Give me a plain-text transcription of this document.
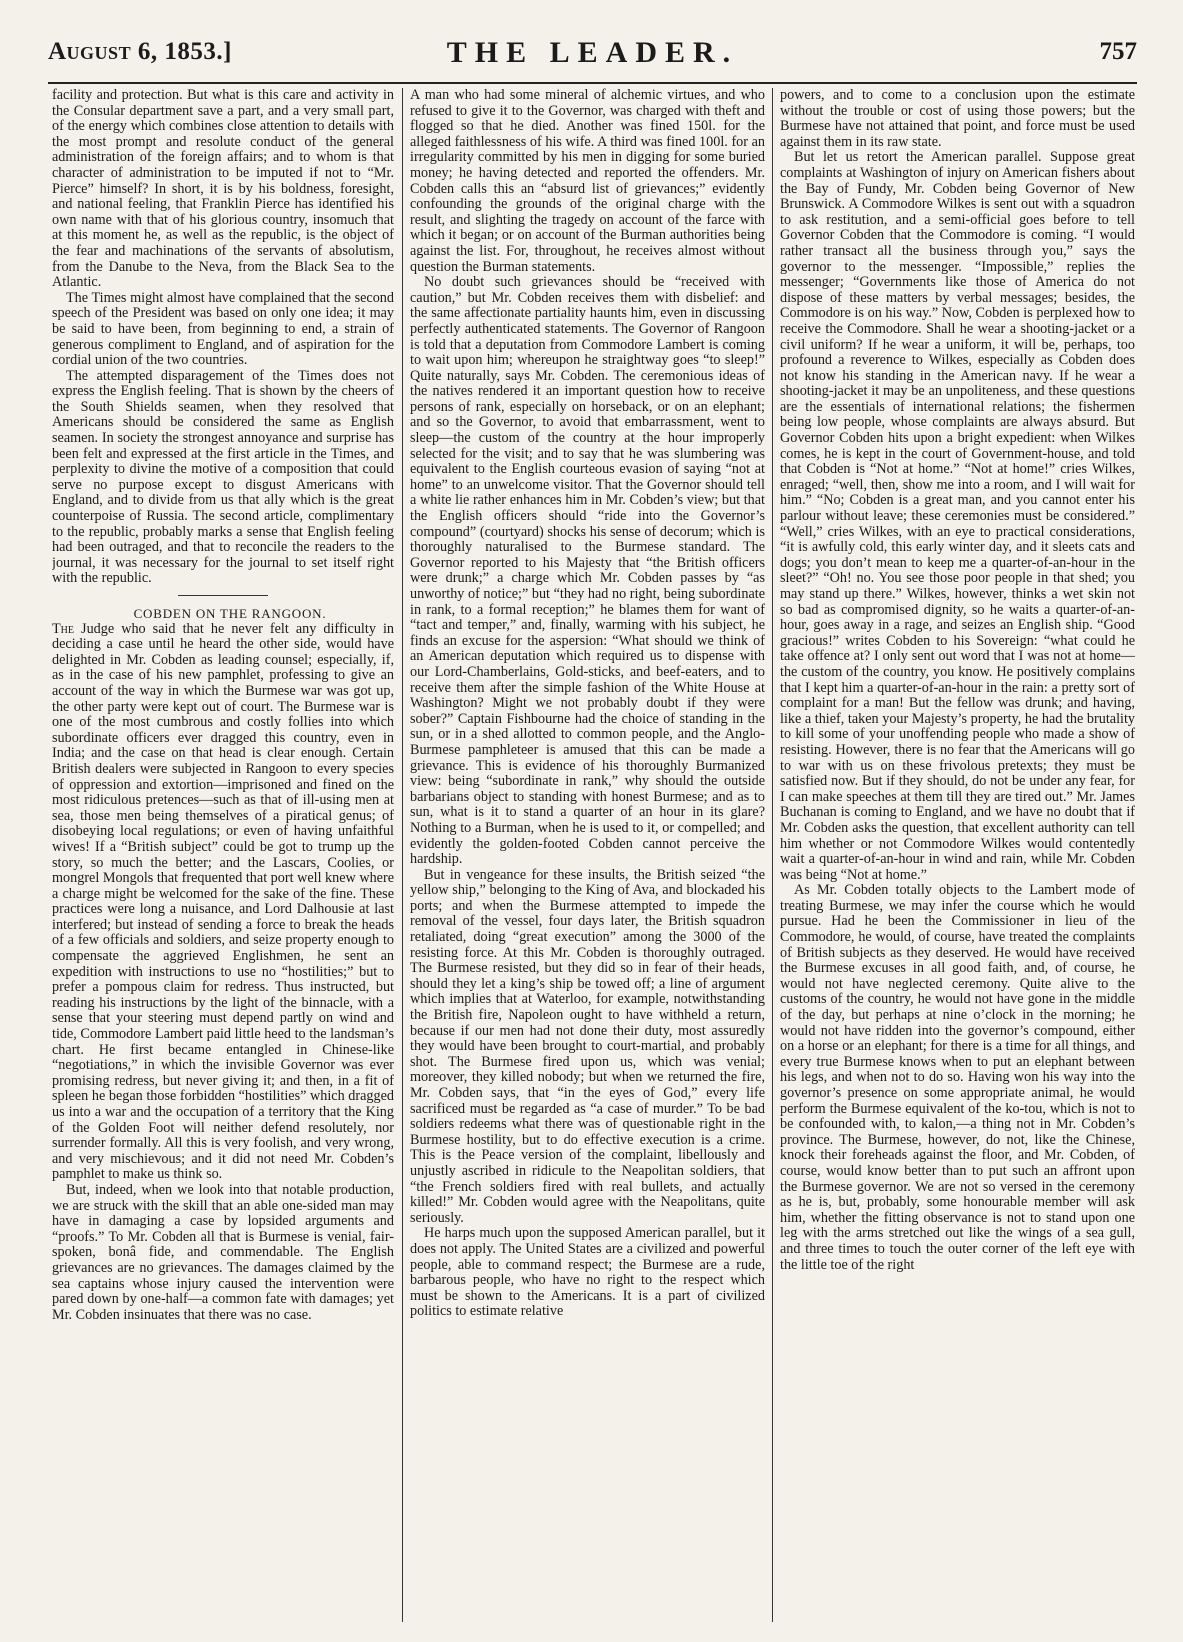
August 6, 1853.]	THE LEADER.	757

facility and protection. But what is this care and activity in the Consular department save a part, and a very small part, of the energy which combines close attention to details with the most prompt and resolute conduct of the general administration of the foreign affairs; and to whom is that character of administration to be imputed if not to “Mr. Pierce” himself? In short, it is by his boldness, foresight, and national feeling, that Franklin Pierce has identified his own name with that of his glorious country, insomuch that at this moment he, as well as the republic, is the object of the fear and machinations of the servants of absolutism, from the Danube to the Neva, from the Black Sea to the Atlantic.

The Times might almost have complained that the second speech of the President was based on only one idea; it may be said to have been, from beginning to end, a strain of generous compliment to England, and of aspiration for the cordial union of the two countries.

The attempted disparagement of the Times does not express the English feeling. That is shown by the cheers of the South Shields seamen, when they resolved that Americans should be considered the same as English seamen. In society the strongest annoyance and surprise has been felt and expressed at the first article in the Times, and perplexity to divine the motive of a composition that could serve no purpose except to disgust Americans with England, and to divide from us that ally which is the great counterpoise of Russia. The second article, complimentary to the republic, probably marks a sense that English feeling had been outraged, and that to reconcile the readers to the journal, it was necessary for the journal to set itself right with the republic.

COBDEN ON THE RANGOON.

The Judge who said that he never felt any difficulty in deciding a case until he heard the other side, would have delighted in Mr. Cobden as leading counsel; especially, if, as in the case of his new pamphlet, professing to give an account of the way in which the Burmese war was got up, the other party were kept out of court. The Burmese war is one of the most cumbrous and costly follies into which subordinate officers ever dragged this country, even in India; and the case on that head is clear enough. Certain British dealers were subjected in Rangoon to every species of oppression and extortion—imprisoned and fined on the most ridiculous pretences—such as that of ill-using men at sea, those men being themselves of a piratical genus; of disobeying local regulations; or even of having unfaithful wives! If a “British subject” could be got to trump up the story, so much the better; and the Lascars, Coolies, or mongrel Mongols that frequented that port well knew where a charge might be welcomed for the sake of the fine. These practices were long a nuisance, and Lord Dalhousie at last interfered; but instead of sending a force to break the heads of a few officials and soldiers, and seize property enough to compensate the aggrieved Englishmen, he sent an expedition with instructions to use no “hostilities;” but to prefer a pompous claim for redress. Thus instructed, but reading his instructions by the light of the binnacle, with a sense that your steering must depend partly on wind and tide, Commodore Lambert paid little heed to the landsman’s chart. He first became entangled in Chinese-like “negotiations,” in which the invisible Governor was ever promising redress, but never giving it; and then, in a fit of spleen he began those forbidden “hostilities” which dragged us into a war and the occupation of a territory that the King of the Golden Foot will neither defend resolutely, nor surrender formally. All this is very foolish, and very wrong, and very mischievous; and it did not need Mr. Cobden’s pamphlet to make us think so.

But, indeed, when we look into that notable production, we are struck with the skill that an able one-sided man may have in damaging a case by lopsided arguments and “proofs.” To Mr. Cobden all that is Burmese is venial, fair-spoken, bonâ fide, and commendable. The English grievances are no grievances. The damages claimed by the sea captains whose injury caused the intervention were pared down by one-half—a common fate with damages; yet Mr. Cobden insinuates that there was no case.

A man who had some mineral of alchemic virtues, and who refused to give it to the Governor, was charged with theft and flogged so that he died. Another was fined 150l. for the alleged faithlessness of his wife. A third was fined 100l. for an irregularity committed by his men in digging for some buried money; he having detected and reported the offenders. Mr. Cobden calls this an “absurd list of grievances;” evidently confounding the grounds of the original charge with the result, and slighting the tragedy on account of the farce with which it began; or on account of the Burman authorities being against the list. For, throughout, he receives almost without question the Burman statements.

No doubt such grievances should be “received with caution,” but Mr. Cobden receives them with disbelief: and the same affectionate partiality haunts him, even in discussing perfectly authenticated statements. The Governor of Rangoon is told that a deputation from Commodore Lambert is coming to wait upon him; whereupon he straightway goes “to sleep!” Quite naturally, says Mr. Cobden. The ceremonious ideas of the natives rendered it an important question how to receive persons of rank, especially on horseback, or on an elephant; and so the Governor, to avoid that embarrassment, went to sleep—the custom of the country at the hour improperly selected for the visit; and to say that he was slumbering was equivalent to the English courteous evasion of saying “not at home” to an unwelcome visitor. That the Governor should tell a white lie rather enhances him in Mr. Cobden’s view; but that the English officers should “ride into the Governor’s compound” (courtyard) shocks his sense of decorum; which is thoroughly naturalised to the Burmese standard. The Governor reported to his Majesty that “the British officers were drunk;” a charge which Mr. Cobden passes by “as unworthy of notice;” but “they had no right, being subordinate in rank, to a formal reception;” he blames them for want of “tact and temper,” and, finally, warming with his subject, he finds an excuse for the aspersion: “What should we think of an American deputation which required us to dispense with our Lord-Chamberlains, Gold-sticks, and beef-eaters, and to receive them after the simple fashion of the White House at Washington? Might we not probably doubt if they were sober?” Captain Fishbourne had the choice of standing in the sun, or in a shed allotted to common people, and the Anglo-Burmese pamphleteer is amused that this can be made a grievance. This is evidence of his thoroughly Burmanized view: being “subordinate in rank,” why should the outside barbarians object to standing with honest Burmese; and as to sun, what is it to stand a quarter of an hour in its glare? Nothing to a Burman, when he is used to it, or compelled; and evidently the golden-footed Cobden cannot perceive the hardship.

But in vengeance for these insults, the British seized “the yellow ship,” belonging to the King of Ava, and blockaded his ports; and when the Burmese attempted to impede the removal of the vessel, four days later, the British squadron retaliated, doing “great execution” among the 3000 of the resisting force. At this Mr. Cobden is thoroughly outraged. The Burmese resisted, but they did so in fear of their heads, should they let a king’s ship be towed off; a line of argument which implies that at Waterloo, for example, notwithstanding the British fire, Napoleon ought to have withheld a return, because if our men had not done their duty, most assuredly they would have been brought to court-martial, and probably shot. The Burmese fired upon us, which was venial; moreover, they killed nobody; but when we returned the fire, Mr. Cobden says, that “in the eyes of God,” every life sacrificed must be regarded as “a case of murder.” To be bad soldiers redeems what there was of questionable right in the Burmese hostility, but to do effective execution is a crime. This is the Peace version of the complaint, libellously and unjustly ascribed in ridicule to the Neapolitan soldiers, that “the French soldiers fired with real bullets, and actually killed!” Mr. Cobden would agree with the Neapolitans, quite seriously.

He harps much upon the supposed American parallel, but it does not apply. The United States are a civilized and powerful people, able to command respect; the Burmese are a rude, barbarous people, who have no right to the respect which must be shown to the Americans. It is a part of civilized politics to estimate relative

powers, and to come to a conclusion upon the estimate without the trouble or cost of using those powers; but the Burmese have not attained that point, and force must be used against them in its raw state.

But let us retort the American parallel. Suppose great complaints at Washington of injury on American fishers about the Bay of Fundy, Mr. Cobden being Governor of New Brunswick. A Commodore Wilkes is sent out with a squadron to ask restitution, and a semi-official goes before to tell Governor Cobden that the Commodore is coming. “I would rather transact all the business through you,” says the governor to the messenger. “Impossible,” replies the messenger; “Governments like those of America do not dispose of these matters by verbal messages; besides, the Commodore is on his way.” Now, Cobden is perplexed how to receive the Commodore. Shall he wear a shooting-jacket or a civil uniform? If he wear a uniform, it will be, perhaps, too profound a reverence to Wilkes, especially as Cobden does not know his standing in the American navy. If he wear a shooting-jacket it may be an unpoliteness, and these questions are the essentials of international relations; the fishermen being low people, whose complaints are always absurd. But Governor Cobden hits upon a bright expedient: when Wilkes comes, he is kept in the court of Government-house, and told that Cobden is “Not at home.” “Not at home!” cries Wilkes, enraged; “well, then, show me into a room, and I will wait for him.” “No; Cobden is a great man, and you cannot enter his parlour without leave; these ceremonies must be considered.” “Well,” cries Wilkes, with an eye to practical considerations, “it is awfully cold, this early winter day, and it sleets cats and dogs; you don’t mean to keep me a quarter-of-an-hour in the sleet?” “Oh! no. You see those poor people in that shed; you may stand up there.” Wilkes, however, thinks a wet skin not so bad as compromised dignity, so he waits a quarter-of-an-hour, goes away in a rage, and seizes an English ship. “Good gracious!” writes Cobden to his Sovereign: “what could he take offence at? I only sent out word that I was not at home—the custom of the country, you know. He positively complains that I kept him a quarter-of-an-hour in the rain: a pretty sort of complaint for a man! But the fellow was drunk; and having, like a thief, taken your Majesty’s property, he had the brutality to kill some of your unoffending people who made a show of resisting. However, there is no fear that the Americans will go to war with us on these frivolous pretexts; they must be satisfied now. But if they should, do not be under any fear, for I can make speeches at them till they are tired out.” Mr. James Buchanan is coming to England, and we have no doubt that if Mr. Cobden asks the question, that excellent authority can tell him whether or not Commodore Wilkes would contentedly wait a quarter-of-an-hour in wind and rain, while Mr. Cobden was being “Not at home.”

As Mr. Cobden totally objects to the Lambert mode of treating Burmese, we may infer the course which he would pursue. Had he been the Commissioner in lieu of the Commodore, he would, of course, have treated the complaints of British subjects as they deserved. He would have received the Burmese excuses in all good faith, and, of course, he would not have neglected ceremony. Quite alive to the customs of the country, he would not have gone in the middle of the day, but perhaps at nine o’clock in the morning; he would not have ridden into the governor’s compound, either on a horse or an elephant; for there is a time for all things, and every true Burmese knows when to put an elephant between his legs, and when not to do so. Having won his way into the governor’s presence on some appropriate animal, he would perform the Burmese equivalent of the ko-tou, which is not to be confounded with, to kalon,—a thing not in Mr. Cobden’s province. The Burmese, however, do not, like the Chinese, knock their foreheads against the floor, and Mr. Cobden, of course, would know better than to put such an affront upon the Burmese governor. We are not so versed in the ceremony as he is, but, probably, some honourable member will ask him, whether the fitting observance is not to stand upon one leg with the arms stretched out like the wings of a sea gull, and three times to touch the outer corner of the left eye with the little toe of the right
